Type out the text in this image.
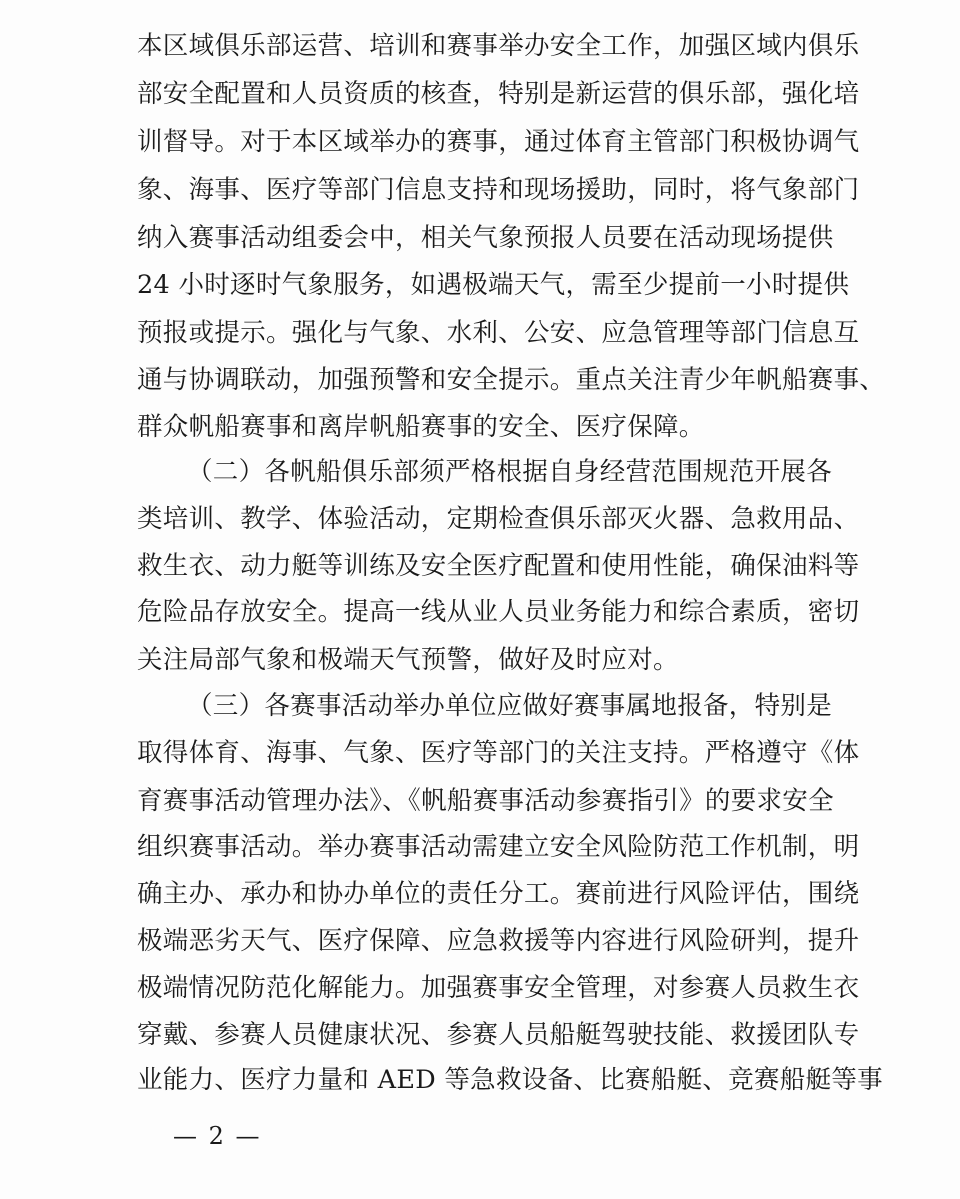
本区域俱乐部运营、培训和赛事举办安全工作，加强区域内俱乐
部安全配置和人员资质的核查，特别是新运营的俱乐部，强化培
训督导。对于本区域举办的赛事，通过体育主管部门积极协调气
象、海事、医疗等部门信息支持和现场援助，同时，将气象部门
纳入赛事活动组委会中，相关气象预报人员要在活动现场提供
24 小时逐时气象服务，如遇极端天气，需至少提前一小时提供
预报或提示。强化与气象、水利、公安、应急管理等部门信息互
通与协调联动，加强预警和安全提示。重点关注青少年帆船赛事、
群众帆船赛事和离岸帆船赛事的安全、医疗保障。
（二）各帆船俱乐部须严格根据自身经营范围规范开展各
类培训、教学、体验活动，定期检查俱乐部灭火器、急救用品、
救生衣、动力艇等训练及安全医疗配置和使用性能，确保油料等
危险品存放安全。提高一线从业人员业务能力和综合素质，密切
关注局部气象和极端天气预警，做好及时应对。
（三）各赛事活动举办单位应做好赛事属地报备，特别是
取得体育、海事、气象、医疗等部门的关注支持。严格遵守《体
育赛事活动管理办法》、《帆船赛事活动参赛指引》的要求安全
组织赛事活动。举办赛事活动需建立安全风险防范工作机制，明
确主办、承办和协办单位的责任分工。赛前进行风险评估，围绕
极端恶劣天气、医疗保障、应急救援等内容进行风险研判，提升
极端情况防范化解能力。加强赛事安全管理，对参赛人员救生衣
穿戴、参赛人员健康状况、参赛人员船艇驾驶技能、救援团队专
业能力、医疗力量和 AED 等急救设备、比赛船艇、竞赛船艇等事
— 2 —
